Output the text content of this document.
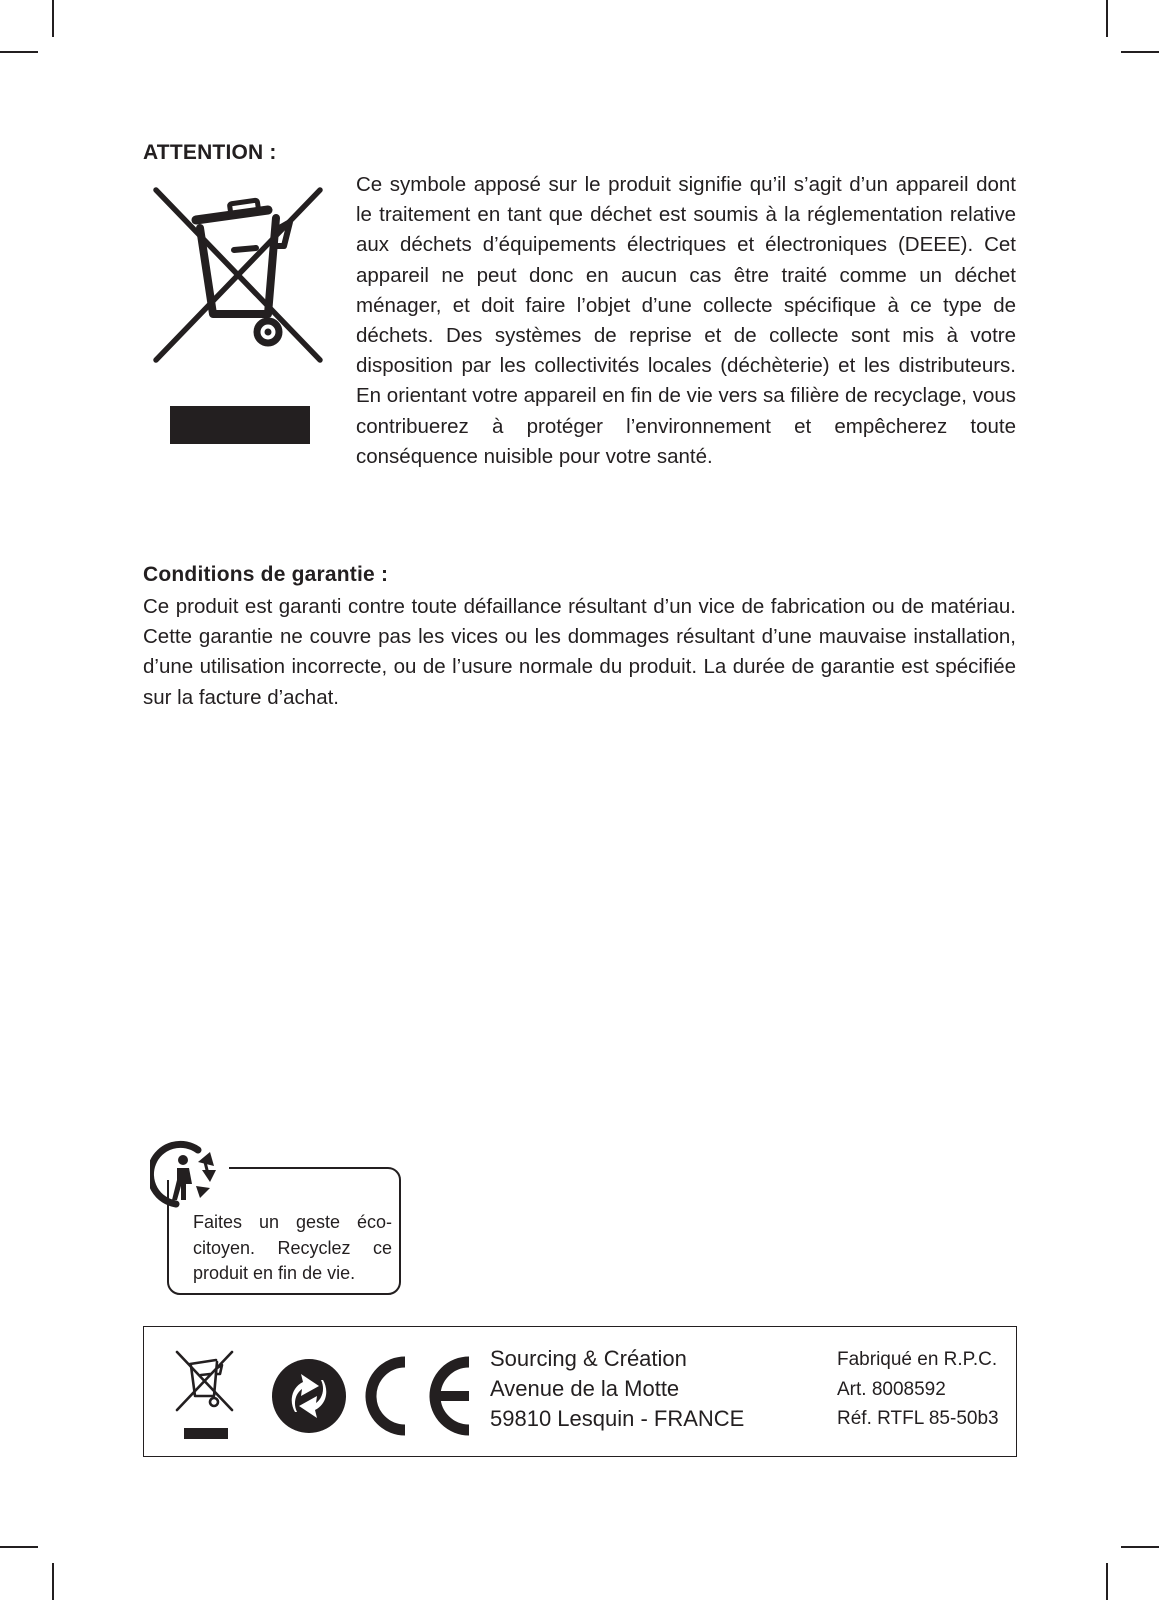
ATTENTION :

Ce symbole apposé sur le produit signifie qu’il s’agit d’un appareil dont le traitement en tant que déchet est soumis à la réglementation relative aux déchets d’équipements électriques et électroniques (DEEE). Cet appareil ne peut donc en aucun cas être traité comme un déchet ménager, et doit faire l’objet d’une collecte spécifique à ce type de déchets. Des systèmes de reprise et de collecte sont mis à votre disposition par les collectivités locales (déchèterie) et les distributeurs. En orientant votre appareil en fin de vie vers sa filière de recyclage, vous contribuerez à protéger l’environnement et empêcherez toute conséquence nuisible pour votre santé.

Conditions de garantie :

Ce produit est garanti contre toute défaillance résultant d’un vice de fabrication ou de matériau. Cette garantie ne couvre pas les vices ou les dommages résultant d’une mauvaise installation, d’une utilisation incorrecte, ou de l’usure normale du produit. La durée de garantie est spécifiée sur la facture d’achat.

Faites un geste éco-citoyen. Recyclez ce produit en fin de vie.

Sourcing & Création
Avenue de la Motte
59810 Lesquin - FRANCE

Fabriqué en R.P.C.
Art. 8008592
Réf. RTFL 85-50b3
